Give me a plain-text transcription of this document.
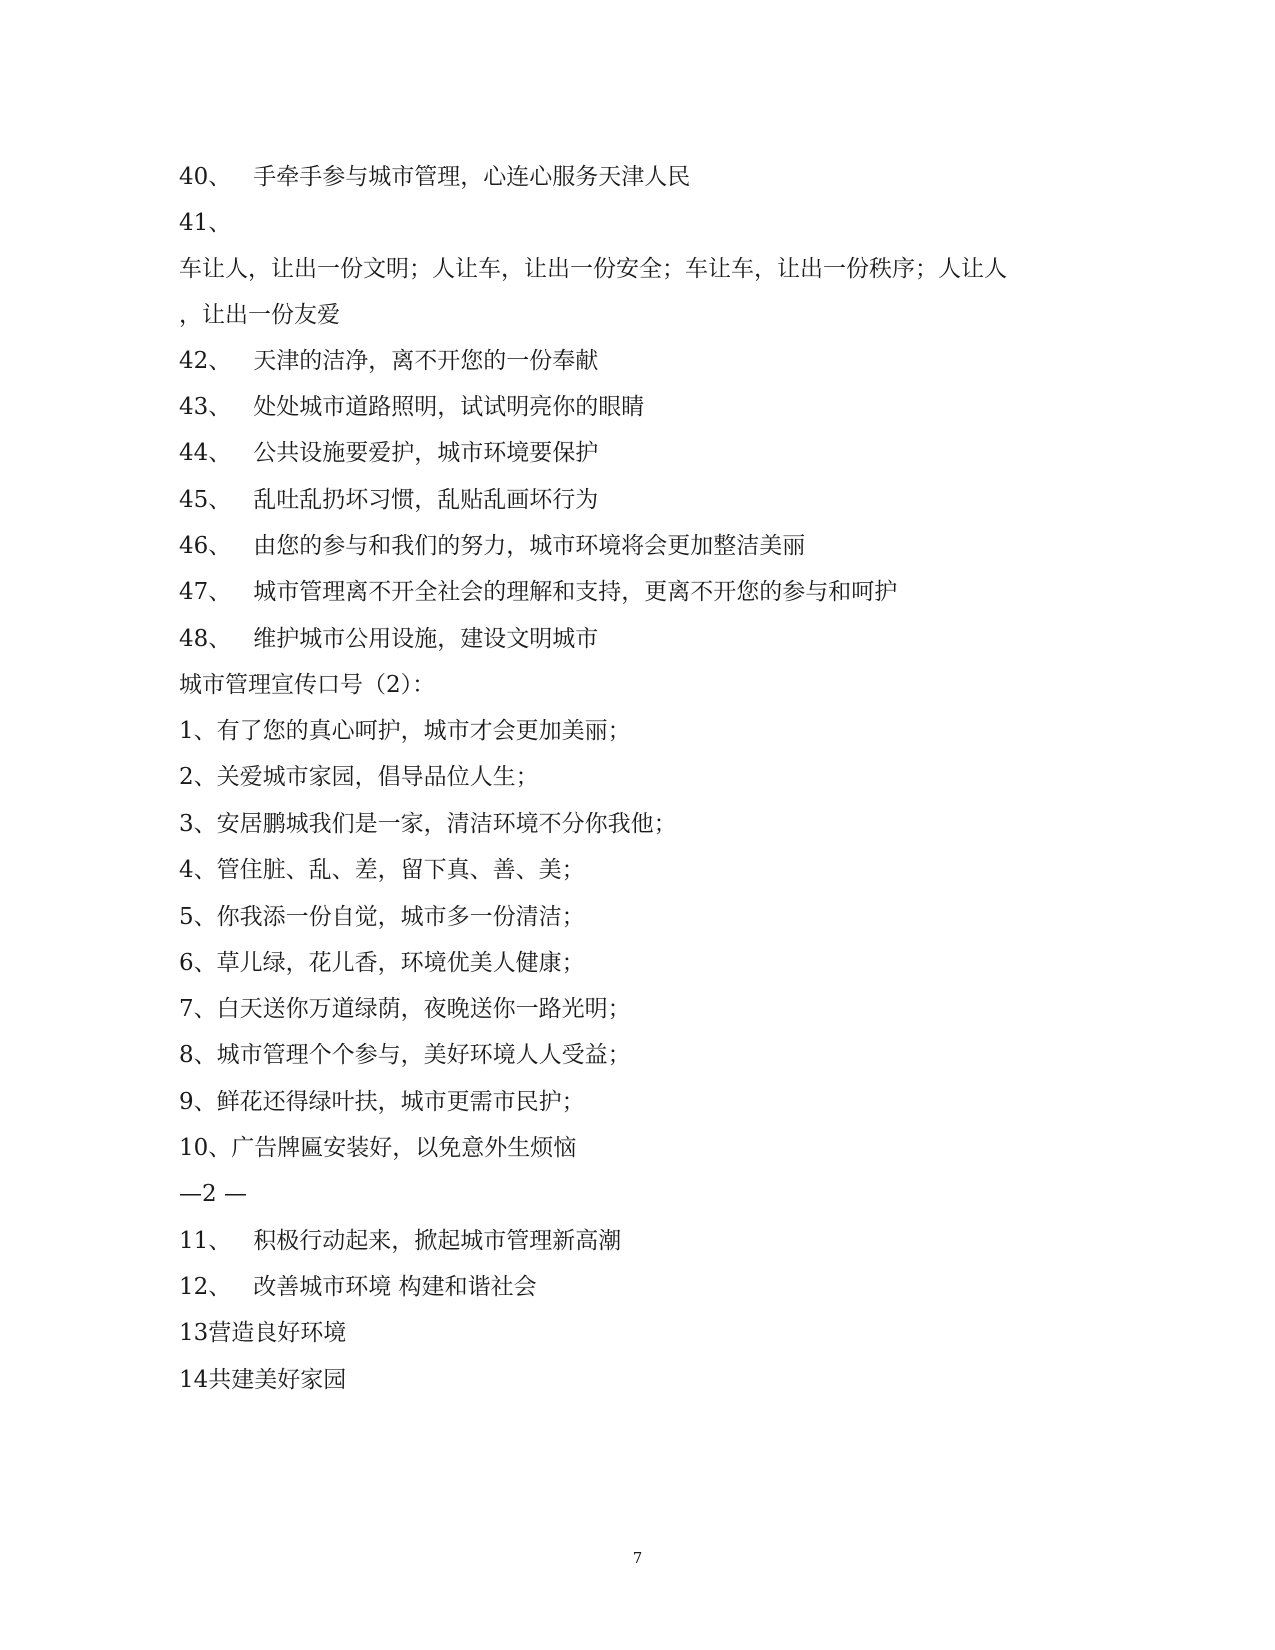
40、 手牵手参与城市管理，心连心服务天津人民
41、
车让人，让出一份文明；人让车，让出一份安全；车让车，让出一份秩序；人让人
，让出一份友爱
42、 天津的洁净，离不开您的一份奉献
43、 处处城市道路照明，试试明亮你的眼睛
44、 公共设施要爱护，城市环境要保护
45、 乱吐乱扔坏习惯，乱贴乱画坏行为
46、 由您的参与和我们的努力，城市环境将会更加整洁美丽
47、 城市管理离不开全社会的理解和支持，更离不开您的参与和呵护
48、 维护城市公用设施，建设文明城市
城市管理宣传口号（2）：
1、有了您的真心呵护，城市才会更加美丽；
2、关爱城市家园，倡导品位人生；
3、安居鹏城我们是一家，清洁环境不分你我他；
4、管住脏、乱、差，留下真、善、美；
5、你我添一份自觉，城市多一份清洁；
6、草儿绿，花儿香，环境优美人健康；
7、白天送你万道绿荫，夜晚送你一路光明；
8、城市管理个个参与，美好环境人人受益；
9、鲜花还得绿叶扶，城市更需市民护；
10、广告牌匾安装好，以免意外生烦恼
—2 —
11、 积极行动起来，掀起城市管理新高潮
12、 改善城市环境 构建和谐社会
13营造良好环境
14共建美好家园
7
